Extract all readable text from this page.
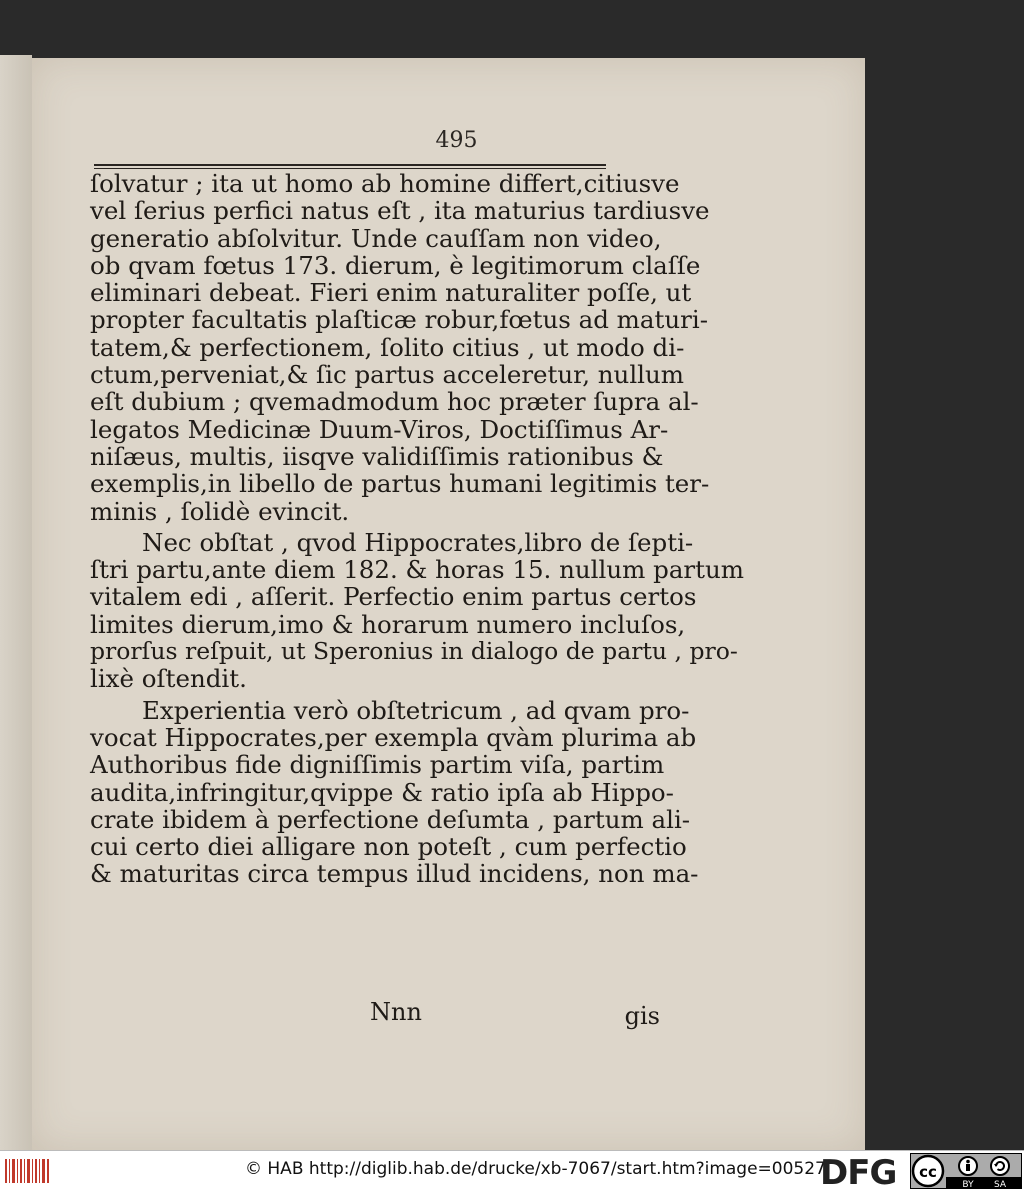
495
ſolvatur ; ita ut homo ab homine differt,citiusve
vel ſerius perfici natus eſt , ita maturius tardiusve
generatio abſolvitur. Unde cauſſam non video,
ob qvam fœtus 173. dierum, è legitimorum claſſe
eliminari debeat. Fieri enim naturaliter poſſe, ut
propter facultatis plaſticæ robur,fœtus ad maturi-
tatem,& perfectionem, ſolito citius , ut modo di-
ctum,perveniat,& ſic partus acceleretur, nullum
eſt dubium ; qvemadmodum hoc præter ſupra al-
legatos Medicinæ Duum-Viros, Doctiſſimus Ar-
niſæus, multis, iisqve validiſſimis rationibus &
exemplis,in libello de partus humani legitimis ter-
minis , ſolidè evincit.
Nec obſtat , qvod Hippocrates,libro de ſepti-
ſtri partu,ante diem 182. & horas 15. nullum partum
vitalem edi , aſſerit. Perfectio enim partus certos
limites dierum,imo & horarum numero incluſos,
prorſus reſpuit, ut Speronius in dialogo de partu , pro-
lixè oſtendit.
Experientia verò obſtetricum , ad qvam pro-
vocat Hippocrates,per exempla qvàm plurima ab
Authoribus fide digniſſimis partim viſa, partim
audita,infringitur,qvippe & ratio ipſa ab Hippo-
crate ibidem à perfectione deſumta , partum ali-
cui certo diei alligare non poteſt , cum perfectio
& maturitas circa tempus illud incidens, non ma-
Nnn	gis
© HAB http://diglib.hab.de/drucke/xb-7067/start.htm?image=00527
DFG cc
BY SA
